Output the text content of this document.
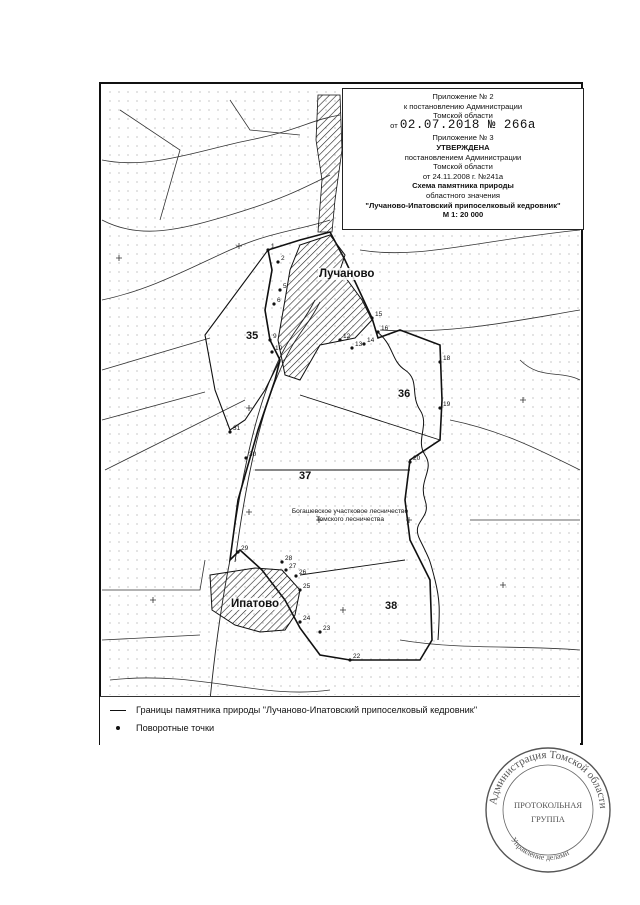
1
2
5
6
9
10
12
13
14
15
16
18
19
20
22
23
24
25
26
27
28
29
30
31
Приложение № 2
к постановлению Администрации
Томской области
от 02.07.2018 № 266а
Приложение № 3
УТВЕРЖДЕНА
постановлением Администрации
Томской области
от 24.11.2008 г. №241а
Схема памятника природы
областного значения
"Лучаново-Ипатовский припоселковый кедровник"
М 1: 20 000
Лучаново
Ипатово
35
36
37
38
Богашевское участковое лесничество
Томского лесничества
Границы памятника природы "Лучаново-Ипатовский припоселковый кедровник"
Поворотные точки
Администрация Томской области
Управление делами
ПРОТОКОЛЬНАЯ
ГРУППА
